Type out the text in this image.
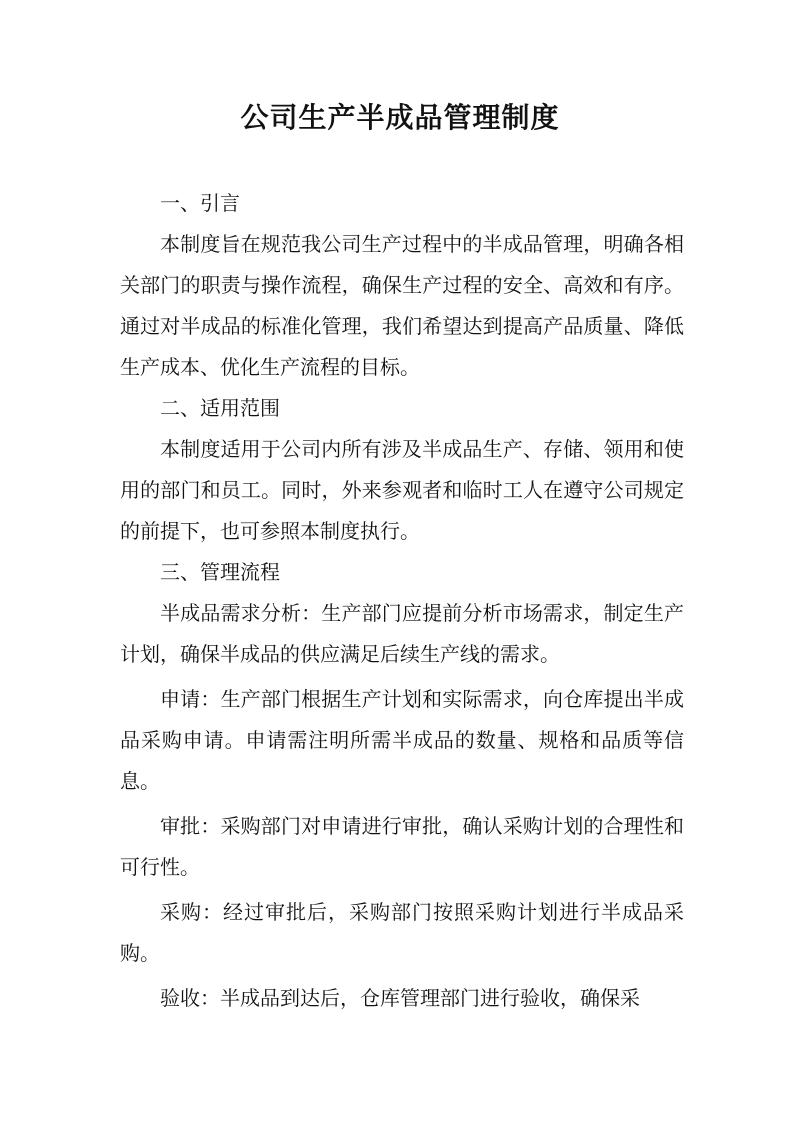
公司生产半成品管理制度

一、引言

本制度旨在规范我公司生产过程中的半成品管理，明确各相关部门的职责与操作流程，确保生产过程的安全、高效和有序。通过对半成品的标准化管理，我们希望达到提高产品质量、降低生产成本、优化生产流程的目标。

二、适用范围

本制度适用于公司内所有涉及半成品生产、存储、领用和使用的部门和员工。同时，外来参观者和临时工人在遵守公司规定的前提下，也可参照本制度执行。

三、管理流程

半成品需求分析：生产部门应提前分析市场需求，制定生产计划，确保半成品的供应满足后续生产线的需求。

申请：生产部门根据生产计划和实际需求，向仓库提出半成品采购申请。申请需注明所需半成品的数量、规格和品质等信息。

审批：采购部门对申请进行审批，确认采购计划的合理性和可行性。

采购：经过审批后，采购部门按照采购计划进行半成品采购。

验收：半成品到达后，仓库管理部门进行验收，确保采
